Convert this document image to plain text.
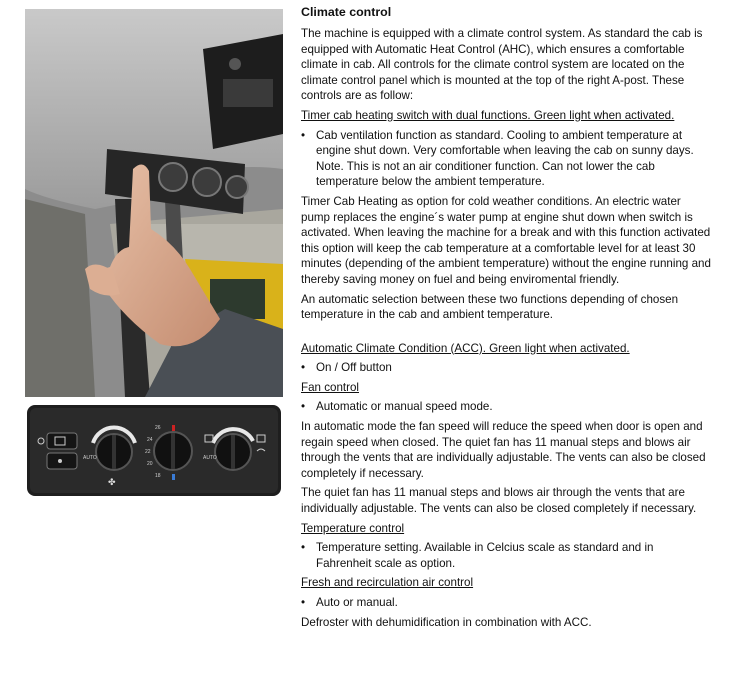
AUTO
✤
26
24
22
20
18
AUTO
Climate control

The machine is equipped with a climate control system. As standard the cab is equipped with Automatic Heat Control (AHC), which ensures a comfortable climate in cab. All controls for the climate control system are located on the climate control panel which is mounted at the top of the right A-post. These controls are as follow:

Timer cab heating switch with dual functions. Green light when activated.

• Cab ventilation function as standard. Cooling to ambient temperature at engine shut down. Very comfortable when leaving the cab on sunny days. Note. This is not an air conditioner function. Can not lower the cab temperature below the ambient temperature.

Timer Cab Heating as option for cold weather conditions. An electric water pump replaces the engine´s water pump at engine shut down when switch is activated. When leaving the machine for a break and with this function activated this option will keep the cab temperature at a comfortable level for at least 30 minutes (depending of the ambient temperature) without the engine running and thereby saving money on fuel and being enviromental friendly.

An automatic selection between these two functions depending of chosen temperature in the cab and ambient temperature.

Automatic Climate Condition (ACC). Green light when activated.

• On / Off button

Fan control

• Automatic or manual speed mode.

In automatic mode the fan speed will reduce the speed when door is open and regain speed when closed. The quiet fan has 11 manual steps and blows air through the vents that are individually adjustable. The vents can also be closed completely if necessary.

The quiet fan has 11 manual steps and blows air through the vents that are individually adjustable. The vents can also be closed completely if necessary.

Temperature control

• Temperature setting. Available in Celcius scale as standard and in Fahrenheit scale as option.

Fresh and recirculation air control

• Auto or manual.

Defroster with dehumidification in combination with ACC.
